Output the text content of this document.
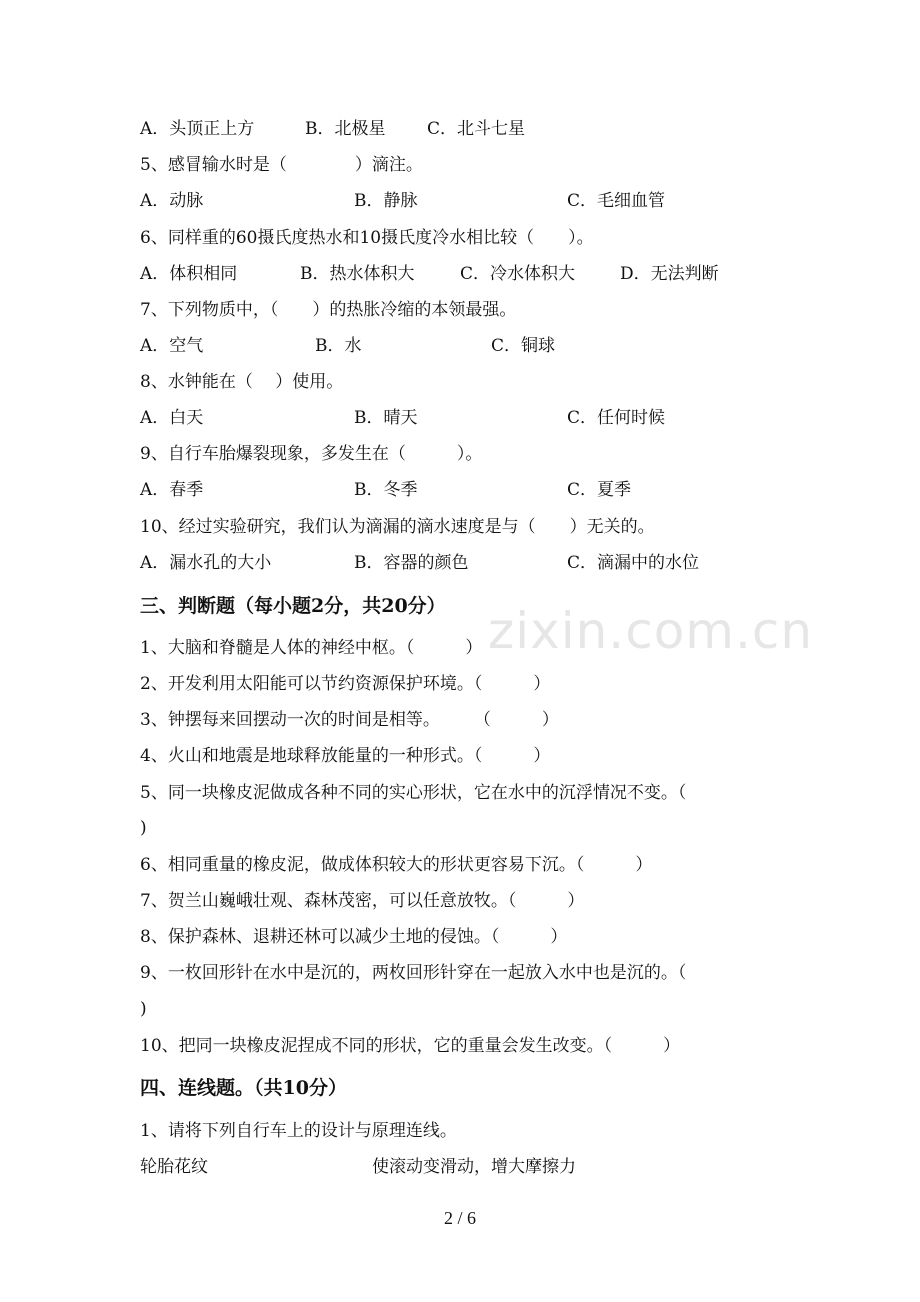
zixin.com.cn
A．头顶正上方	B．北极星 C．北斗七星

5、感冒输水时是（　　　　）滴注。

A．动脉	B．静脉	C．毛细血管

6、同样重的60摄氏度热水和10摄氏度冷水相比较（　　）。

A．体积相同	B．热水体积大	C．冷水体积大	D．无法判断

7、下列物质中，（　　）的热胀冷缩的本领最强。

A．空气	B．水	C．铜球

8、水钟能在（　 ）使用。

A．白天	B．晴天	C．任何时候

9、自行车胎爆裂现象，多发生在（　　　）。

A．春季	B．冬季	C．夏季

10、经过实验研究，我们认为滴漏的滴水速度是与（　　）无关的。

A．漏水孔的大小	B．容器的颜色	C．滴漏中的水位
三、判断题（每小题2分，共20分）

1、大脑和脊髓是人体的神经中枢。（　　　）

2、开发利用太阳能可以节约资源保护环境。（　　　）

3、钟摆每来回摆动一次的时间是相等。　　　（　　　）

4、火山和地震是地球释放能量的一种形式。（　　　）

5、同一块橡皮泥做成各种不同的实心形状，它在水中的沉浮情况不变。（

)

6、相同重量的橡皮泥，做成体积较大的形状更容易下沉。（　　　）

7、贺兰山巍峨壮观、森林茂密，可以任意放牧。（　　　）

8、保护森林、退耕还林可以减少土地的侵蚀。（　　　）

9、一枚回形针在水中是沉的，两枚回形针穿在一起放入水中也是沉的。（

)

10、把同一块橡皮泥捏成不同的形状，它的重量会发生改变。（　　　）

四、连线题。（共10分）

1、请将下列自行车上的设计与原理连线。

轮胎花纹	使滚动变滑动，增大摩擦力
2 / 6
